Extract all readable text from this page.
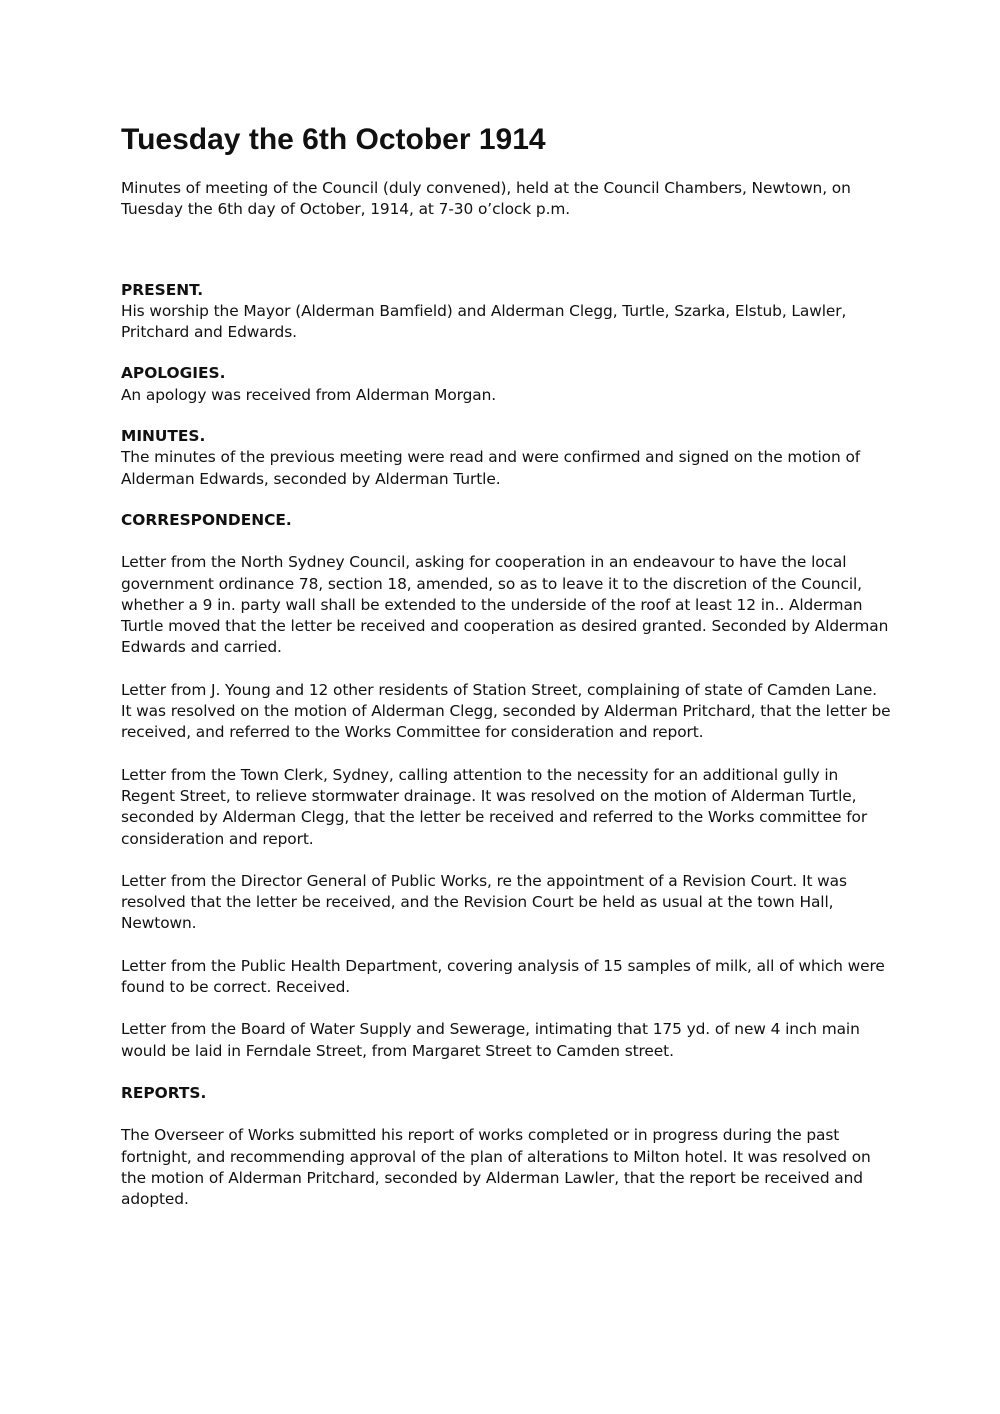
Tuesday the 6th October 1914

Minutes of meeting of the Council (duly convened), held at the Council Chambers, Newtown, on Tuesday the 6th day of October, 1914, at 7-30 o’clock p.m.

PRESENT.

His worship the Mayor (Alderman Bamfield) and Alderman Clegg, Turtle, Szarka, Elstub, Lawler, Pritchard and Edwards.

APOLOGIES.

An apology was received from Alderman Morgan.

MINUTES.

The minutes of the previous meeting were read and were confirmed and signed on the motion of Alderman Edwards, seconded by Alderman Turtle.

CORRESPONDENCE.

Letter from the North Sydney Council, asking for cooperation in an endeavour to have the local government ordinance 78, section 18, amended, so as to leave it to the discretion of the Council, whether a 9 in. party wall shall be extended to the underside of the roof at least 12 in.. Alderman Turtle moved that the letter be received and cooperation as desired granted. Seconded by Alderman Edwards and carried.

Letter from J. Young and 12 other residents of Station Street, complaining of state of Camden Lane. It was resolved on the motion of Alderman Clegg, seconded by Alderman Pritchard, that the letter be received, and referred to the Works Committee for consideration and report.

Letter from the Town Clerk, Sydney, calling attention to the necessity for an additional gully in Regent Street, to relieve stormwater drainage. It was resolved on the motion of Alderman Turtle, seconded by Alderman Clegg, that the letter be received and referred to the Works committee for consideration and report.

Letter from the Director General of Public Works, re the appointment of a Revision Court. It was resolved that the letter be received, and the Revision Court be held as usual at the town Hall, Newtown.

Letter from the Public Health Department, covering analysis of 15 samples of milk, all of which were found to be correct. Received.

Letter from the Board of Water Supply and Sewerage, intimating that 175 yd. of new 4 inch main would be laid in Ferndale Street, from Margaret Street to Camden street.

REPORTS.

The Overseer of Works submitted his report of works completed or in progress during the past fortnight, and recommending approval of the plan of alterations to Milton hotel. It was resolved on the motion of Alderman Pritchard, seconded by Alderman Lawler, that the report be received and adopted.
